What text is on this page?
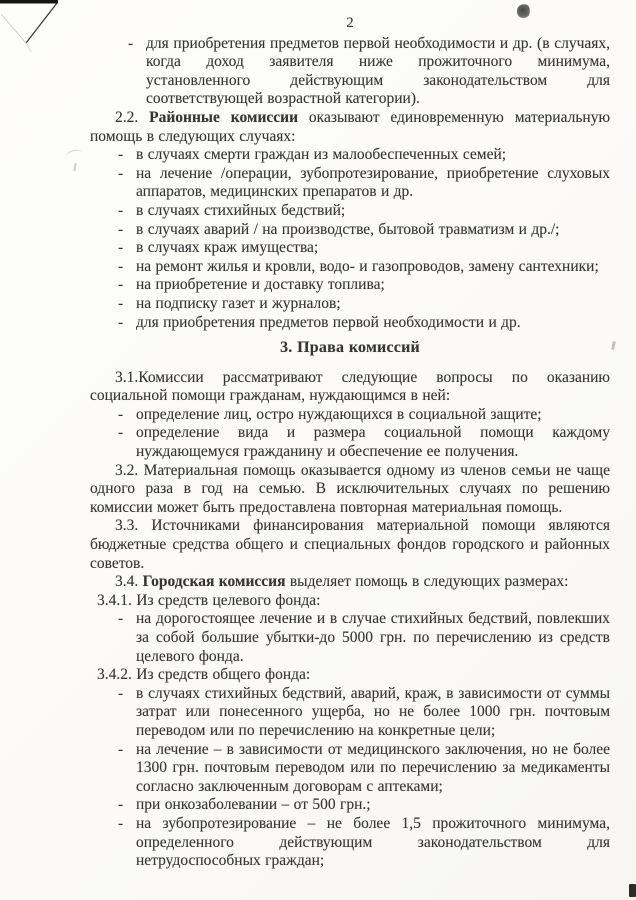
2

- для приобретения предметов первой необходимости и др. (в случаях, когда доход заявителя ниже прожиточного минимума, установленного действующим законодательством для соответствующей возрастной категории).

2.2. Районные комиссии оказывают единовременную материальную помощь в следующих случаях:

- в случаях смерти граждан из малообеспеченных семей;
- на лечение /операции, зубопротезирование, приобретение слуховых аппаратов, медицинских препаратов и др.
- в случаях стихийных бедствий;
- в случаях аварий / на производстве, бытовой травматизм и др./;
- в случаях краж имущества;
- на ремонт жилья и кровли, водо- и газопроводов, замену сантехники;
- на приобретение и доставку топлива;
- на подписку газет и журналов;
- для приобретения предметов первой необходимости и др.

3. Права комиссий

3.1.Комиссии рассматривают следующие вопросы по оказанию социальной помощи гражданам, нуждающимся в ней:

- определение лиц, остро нуждающихся в социальной защите;
- определение вида и размера социальной помощи каждому нуждающемуся гражданину и обеспечение ее получения.

3.2. Материальная помощь оказывается одному из членов семьи не чаще одного раза в год на семью. В исключительных случаях по решению комиссии может быть предоставлена повторная материальная помощь.

3.3. Источниками финансирования материальной помощи являются бюджетные средства общего и специальных фондов городского и районных советов.

3.4. Городская комиссия выделяет помощь в следующих размерах:

3.4.1. Из средств целевого фонда:

- на дорогостоящее лечение и в случае стихийных бедствий, повлекших за собой большие убытки-до 5000 грн. по перечислению из средств целевого фонда.

3.4.2. Из средств общего фонда:

- в случаях стихийных бедствий, аварий, краж, в зависимости от суммы затрат или понесенного ущерба, но не более 1000 грн. почтовым переводом или по перечислению на конкретные цели;
- на лечение – в зависимости от медицинского заключения, но не более 1300 грн. почтовым переводом или по перечислению за медикаменты согласно заключенным договорам с аптеками;
- при онкозаболевании – от 500 грн.;
- на зубопротезирование – не более 1,5 прожиточного минимума, определенного действующим законодательством для нетрудоспособных граждан;
